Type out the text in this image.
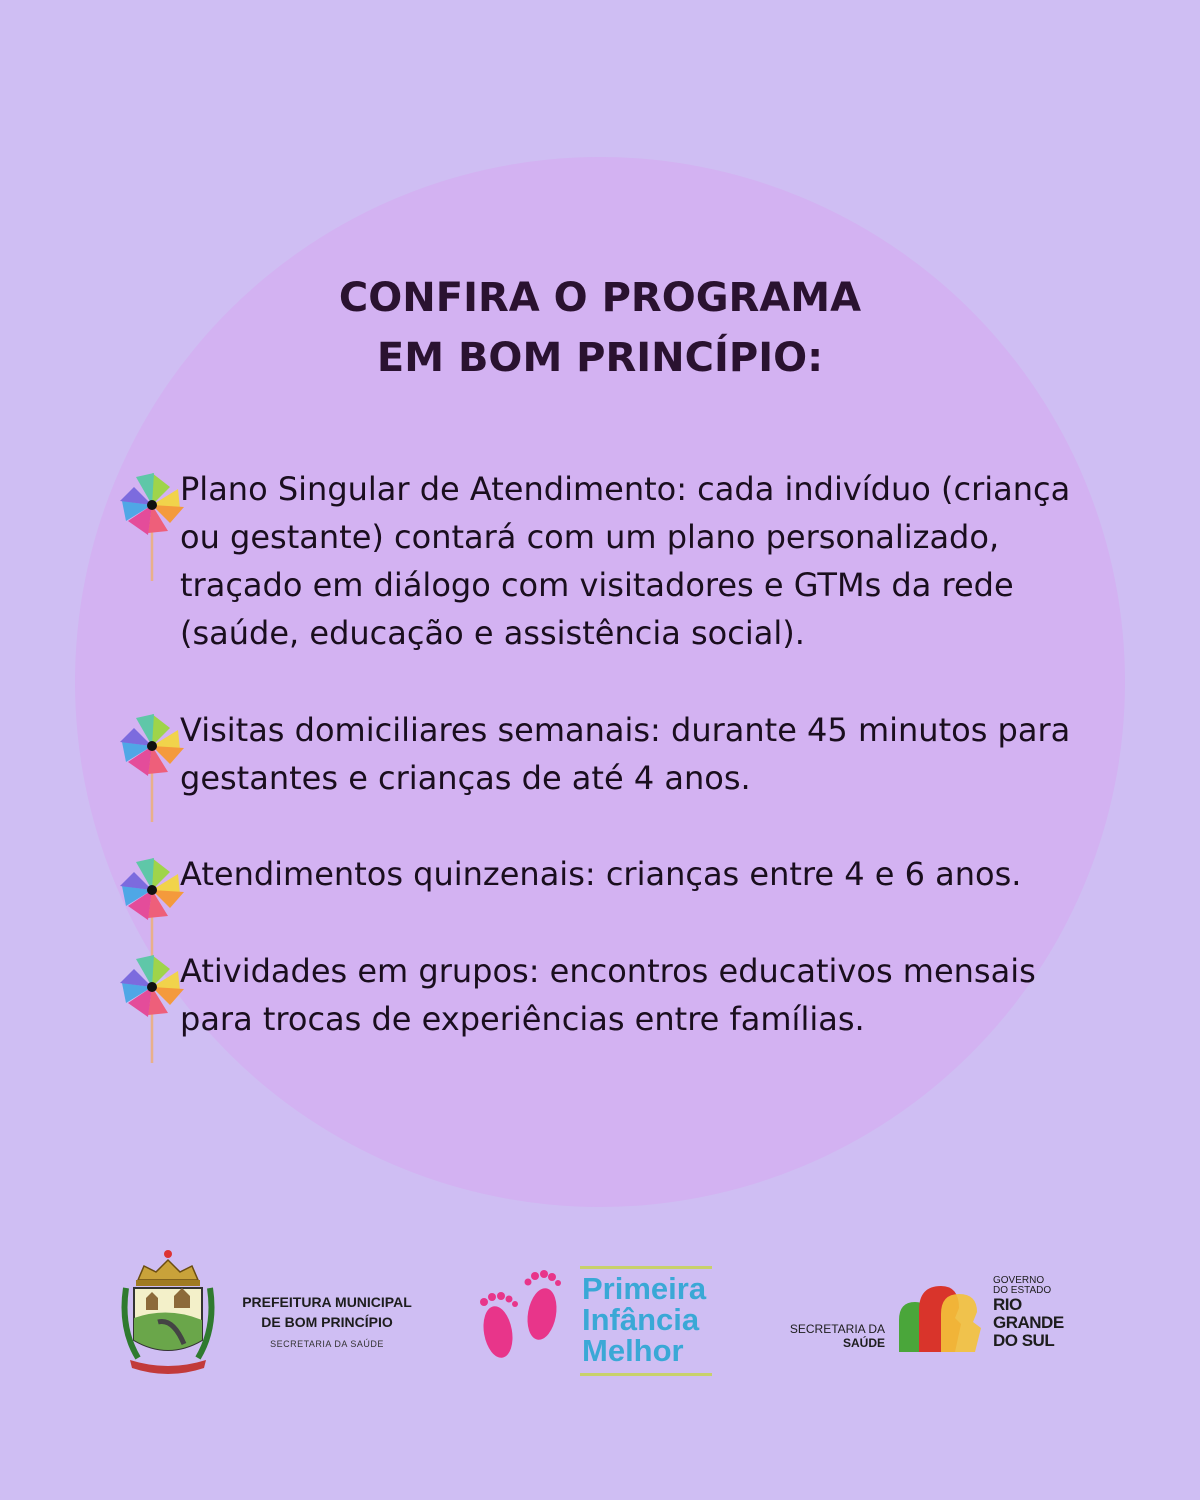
CONFIRA O PROGRAMA
EM BOM PRINCÍPIO:
Plano Singular de Atendimento: cada indivíduo (criança ou gestante) contará com um plano personalizado, traçado em diálogo com visitadores e GTMs da rede (saúde, educação e assistência social).
Visitas domiciliares semanais: durante 45 minutos para gestantes e crianças de até 4 anos.
Atendimentos quinzenais: crianças entre 4 e 6 anos.
Atividades em grupos: encontros educativos mensais para trocas de experiências entre famílias.
PREFEITURA MUNICIPAL
DE BOM PRINCÍPIO
SECRETARIA DA SAÚDE
Primeira
Infância
Melhor
SECRETARIA DA
SAÚDE
GOVERNO
DO ESTADO
RIO
GRANDE
DO SUL
